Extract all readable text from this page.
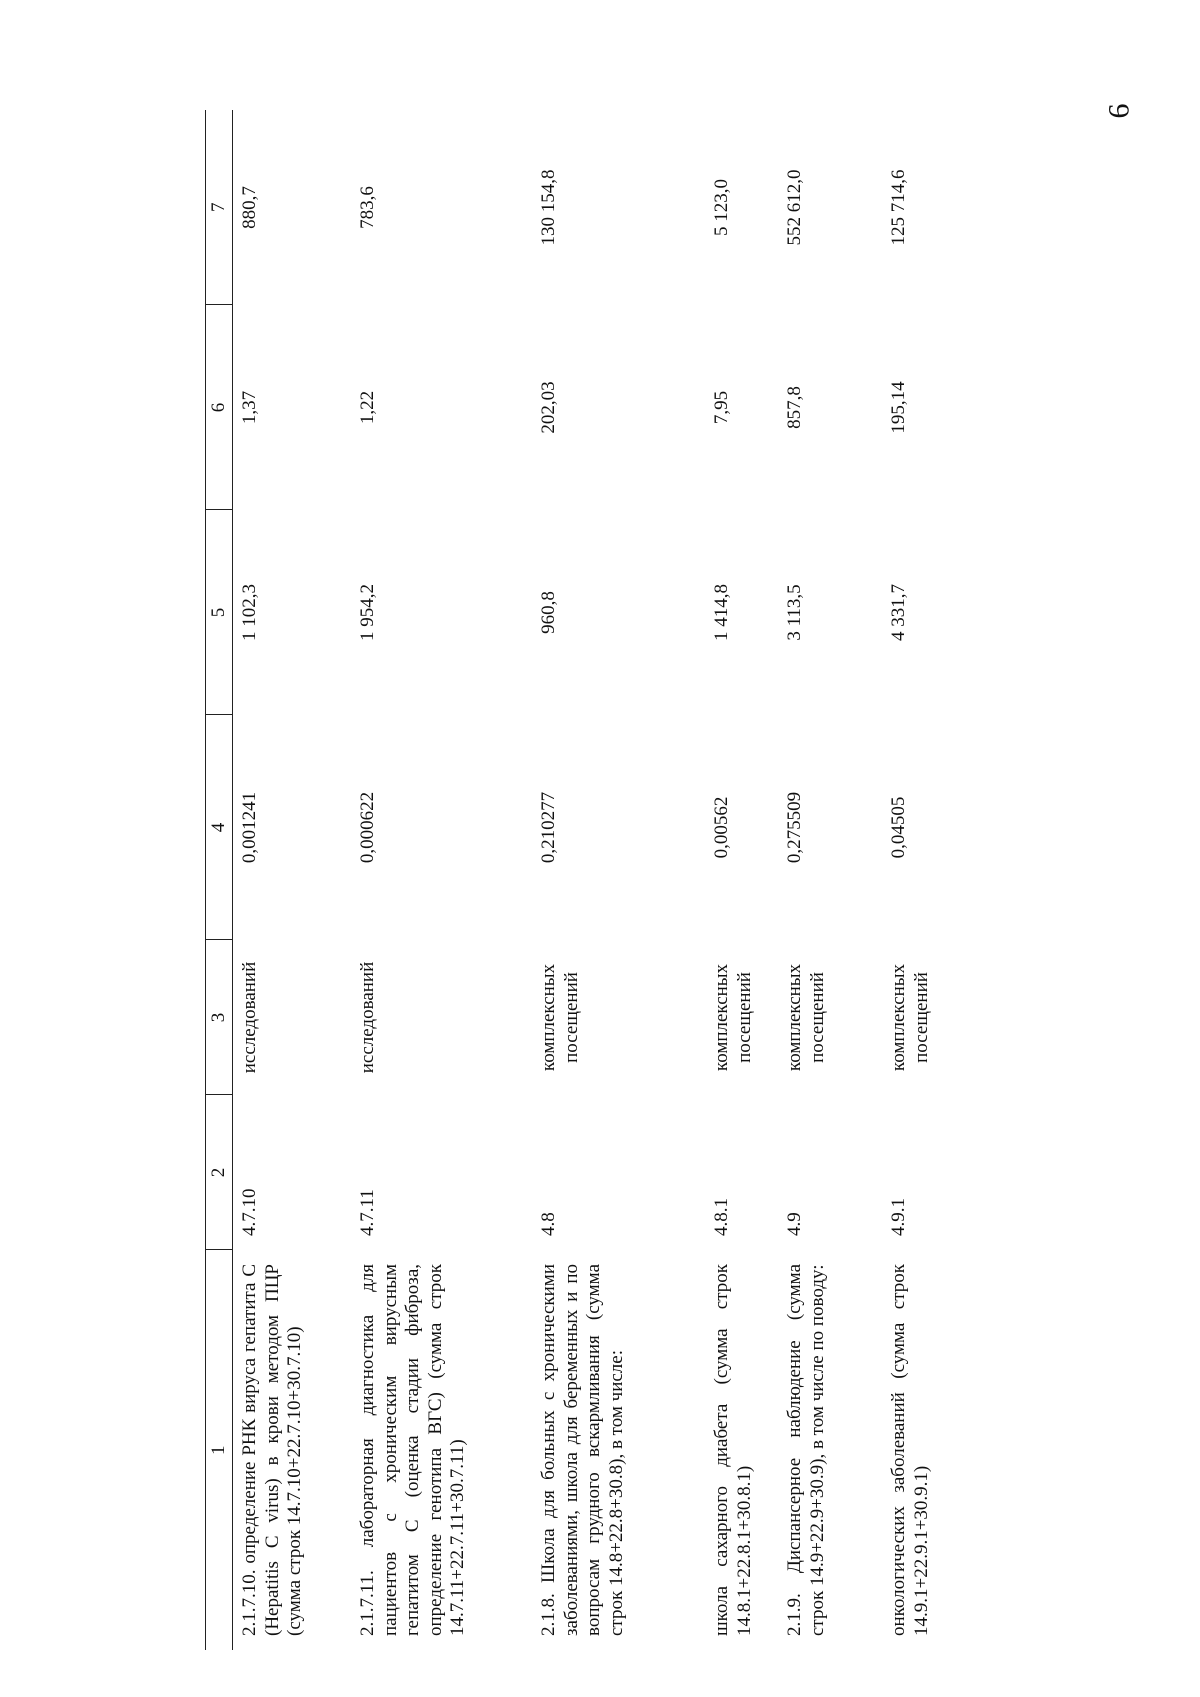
6
1	2	3	4	5	6	7
2.1.7.10. определение РНК вируса гепатита C (Hepatitis C virus) в крови методом ПЦР (сумма строк 14.7.10+22.7.10+30.7.10)	4.7.10	исследований	0,001241	1 102,3	1,37	880,7
2.1.7.11. лабораторная диагностика для пациентов с хроническим вирусным гепатитом C (оценка стадии фиброза, определение генотипа ВГС) (сумма строк 14.7.11+22.7.11+30.7.11)	4.7.11	исследований	0,000622	1 954,2	1,22	783,6
2.1.8. Школа для больных с хроническими заболеваниями, школа для беременных и по вопросам грудного вскармливания (сумма строк 14.8+22.8+30.8), в том числе:	4.8	комплексных посещений	0,210277	960,8	202,03	130 154,8
школа сахарного диабета (сумма строк 14.8.1+22.8.1+30.8.1)	4.8.1	комплексных посещений	0,00562	1 414,8	7,95	5 123,0
2.1.9. Диспансерное наблюдение (сумма строк 14.9+22.9+30.9), в том числе по поводу:	4.9	комплексных посещений	0,275509	3 113,5	857,8	552 612,0
онкологических заболеваний (сумма строк 14.9.1+22.9.1+30.9.1)	4.9.1	комплексных посещений	0,04505	4 331,7	195,14	125 714,6
